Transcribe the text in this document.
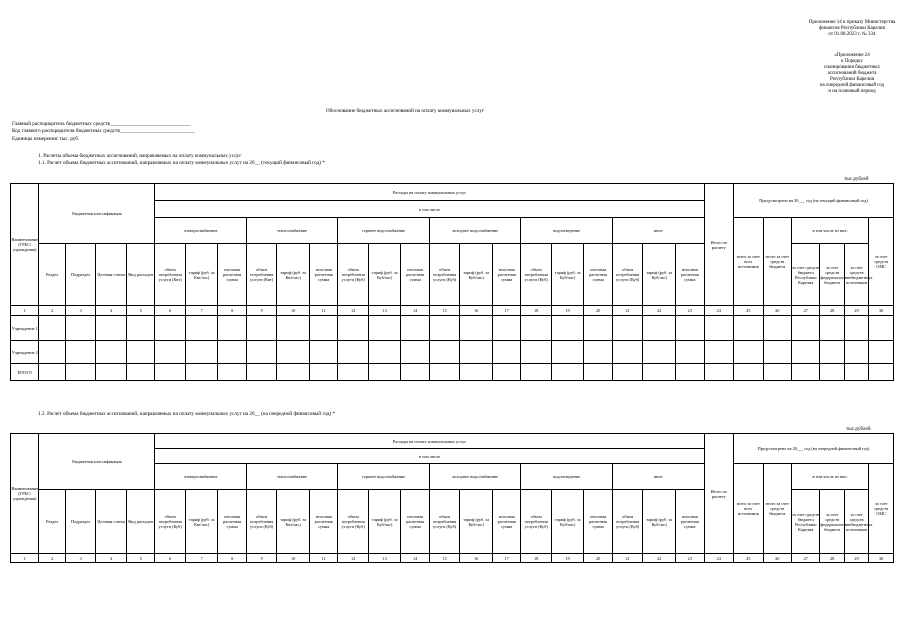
Приложение 14 к приказу Министерства
финансов Республики Карелия
от 01.08.2023 г. № 334
«Приложение 24
к Порядку
планирования бюджетных
ассигнований бюджета
Республики Карелия
на очередной финансовый год
и на плановый период
Обоснование бюджетных ассигнований на оплату коммунальных услуг
Главный распорядитель бюджетных средств_______________________________
Код главного распорядителя бюджетных средств_____________________________
Единицы измерения: тыс. руб.
1. Расчеты объема бюджетных ассигнований, направляемых на оплату коммунальных услуг
1.1. Расчет объема бюджетных ассигнований, направляемых на оплату коммунальных услуг на 20__ (текущий финансовый год) *
тыс.рублей
Наименование (ГРБС/учреждения)	Бюджетная классификация				Расходы на оплату коммунальных услуг																		Итого по расчету	Предусмотрено на 20___ год (на текущий финансовый год)					
					в том числе																								
					электроснабжение			теплоснабжение			горячее водоснабжение			холодное водоснабжение			водоотведение			иное				всего за счет всех источников	итого за счет средств бюджета	в том числе из них:			за счет средств ОМС
	Раздел	Подраздел	Целевая статья	Вид расходов	объем потребления услуги (Квт)	тариф (руб. за Квт/час)	итоговая расчетная сумма	объем потребления услуги (Квт)	тариф (руб. за Квт/час)	итоговая расчетная сумма	объем потребления услуги (Куб)	тариф (руб. за Куб/час)	итоговая расчетная сумма	объем потребления услуги (Куб)	тариф (руб. за Куб/час)	итоговая расчетная сумма	объем потребления услуги (Куб)	тариф (руб. за Куб/час)	итоговая расчетная сумма	объем потребления услуги (Куб)	тариф (руб. за Куб/час)	итоговая расчетная сумма				за счет средств бюджета Республики Карелия	за счет средств федерального бюджета	за счет средств внебюджетных источников	
1	2	3	4	5	6	7	8	9	10	11	12	13	14	15	16	17	18	19	20	21	22	23	24	25	26	27	28	29	30
Учреждение 1																													
Учреждение 2																													
ИТОГО																													
1.2. Расчет объема бюджетных ассигнований, направляемых на оплату коммунальных услуг на 20__ (на очередной финансовый год) *
тыс.рублей
Наименование (ГРБС/учреждения)	Бюджетная классификация				Расходы на оплату коммунальных услуг																		Итого по расчету	Предусмотрено на 20___ год (на очередной финансовый год)					
					в том числе																								
					электроснабжение			теплоснабжение			горячее водоснабжение			холодное водоснабжение			водоотведение			иное				всего за счет всех источников	итого за счет средств бюджета	в том числе из них:			за счет средств ОМС
	Раздел	Подраздел	Целевая статья	Вид расходов	объем потребления услуги (Куб)	тариф (руб. за Квт/час)	итоговая расчетная сумма	объем потребления услуги (Куб)	тариф (руб. за Квт/час)	итоговая расчетная сумма	объем потребления услуги (Куб)	тариф (руб. за Куб/час)	итоговая расчетная сумма	объем потребления услуги (Куб)	тариф (руб. за Куб/час)	итоговая расчетная сумма	объем потребления услуги (Куб)	тариф (руб. за Куб/час)	итоговая расчетная сумма	объем потребления услуги (Куб)	тариф (руб. за Куб/час)	итоговая расчетная сумма				за счет средств бюджета Республики Карелия	за счет средств федерального бюджета	за счет средств внебюджетных источников	
1	2	3	4	5	6	7	8	9	10	11	12	13	14	15	16	17	18	19	20	21	22	23	24	25	26	27	28	29	30
